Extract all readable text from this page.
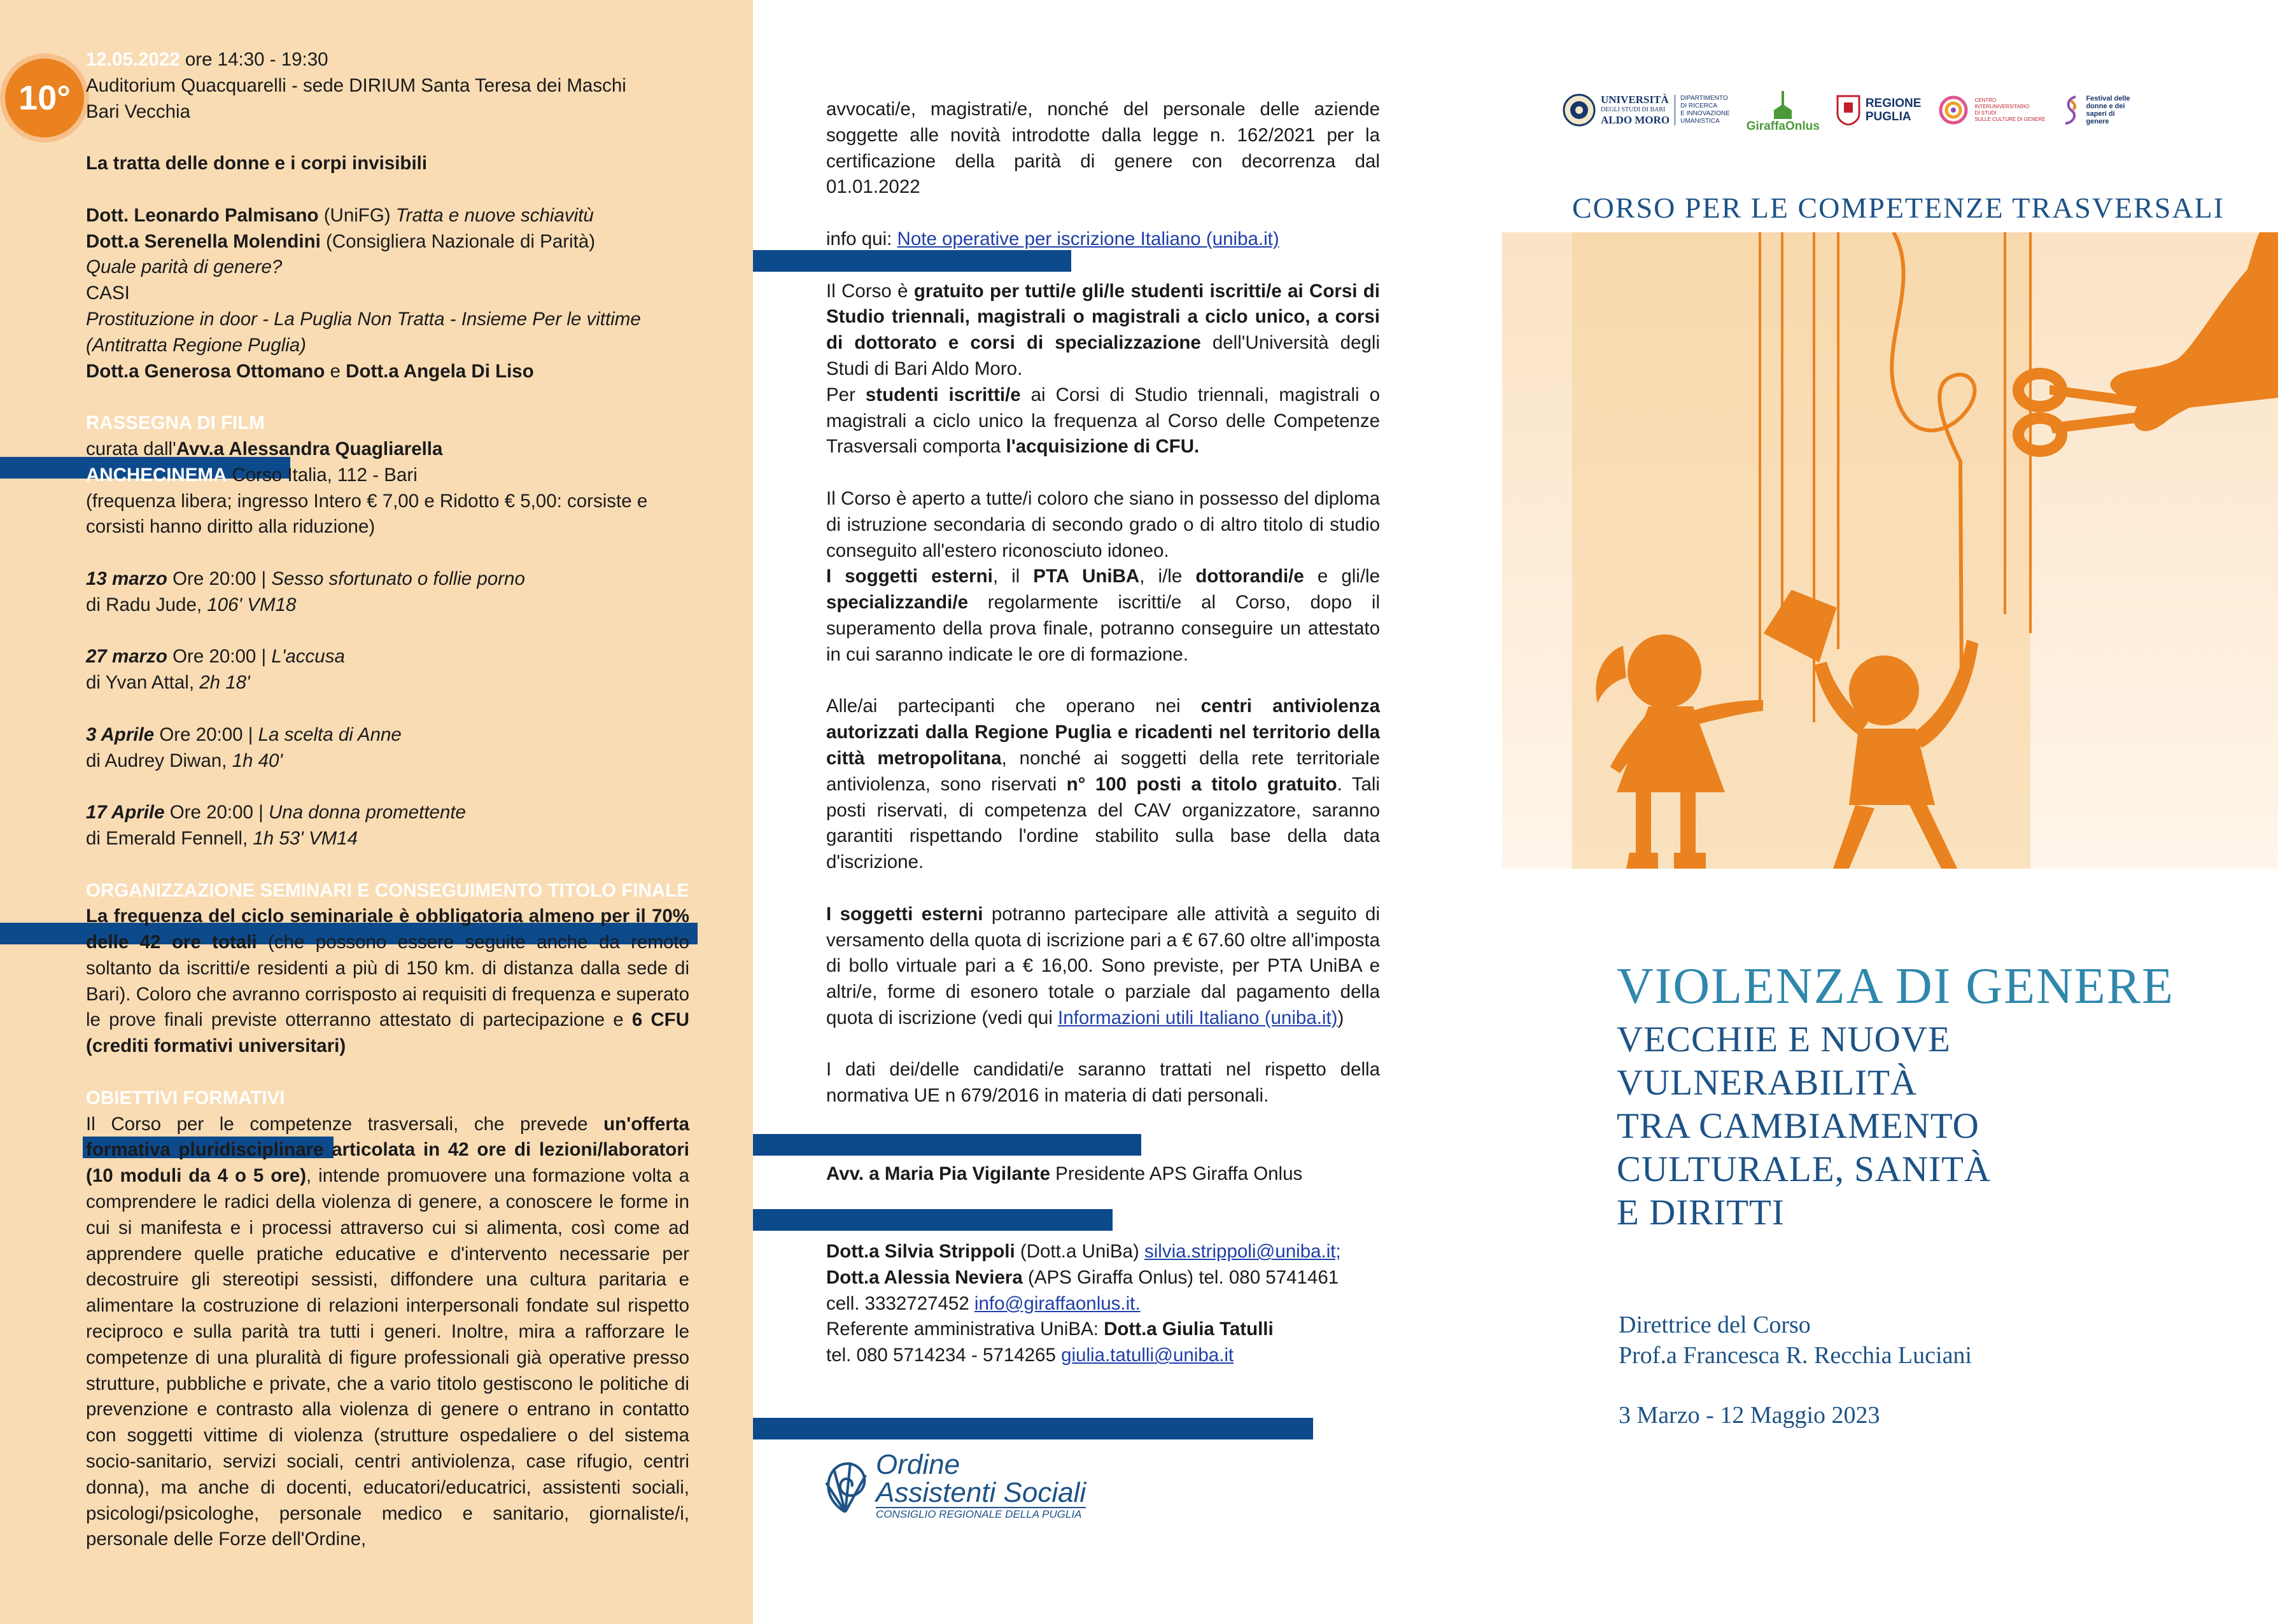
10°

12.05.2022 ore 14:30 - 19:30

Auditorium Quacquarelli - sede DIRIUM Santa Teresa dei Maschi

Bari Vecchia

La tratta delle donne e i corpi invisibili

Dott. Leonardo Palmisano (UniFG) Tratta e nuove schiavitù

Dott.a Serenella Molendini (Consigliera Nazionale di Parità)

Quale parità di genere?

CASI

Prostituzione in door - La Puglia Non Tratta - Insieme Per le vittime

(Antitratta Regione Puglia)

Dott.a Generosa Ottomano e Dott.a Angela Di Liso

RASSEGNA DI FILM

curata dall'Avv.a Alessandra Quagliarella

ANCHECINEMA Corso Italia, 112 - Bari

(frequenza libera; ingresso Intero € 7,00 e Ridotto € 5,00: corsiste e corsisti hanno diritto alla riduzione)

13 marzo Ore 20:00 | Sesso sfortunato o follie porno

di Radu Jude, 106' VM18

27 marzo Ore 20:00 | L'accusa

di Yvan Attal, 2h 18'

3 Aprile Ore 20:00 | La scelta di Anne

di Audrey Diwan, 1h 40'

17 Aprile Ore 20:00 | Una donna promettente

di Emerald Fennell, 1h 53' VM14

ORGANIZZAZIONE SEMINARI E CONSEGUIMENTO TITOLO FINALE

La frequenza del ciclo seminariale è obbligatoria almeno per il 70% delle 42 ore totali (che possono essere seguite anche da remoto soltanto da iscritti/e residenti a più di 150 km. di distanza dalla sede di Bari). Coloro che avranno corrisposto ai requisiti di frequenza e superato le prove finali previste otterranno attestato di partecipazione e 6 CFU (crediti formativi universitari)

OBIETTIVI FORMATIVI

Il Corso per le competenze trasversali, che prevede un'offerta formativa pluridisciplinare articolata in 42 ore di lezioni/laboratori (10 moduli da 4 o 5 ore), intende promuovere una formazione volta a comprendere le radici della violenza di genere, a conoscere le forme in cui si manifesta e i processi attraverso cui si alimenta, così come ad apprendere quelle pratiche educative e d'intervento necessarie per decostruire gli stereotipi sessisti, diffondere una cultura paritaria e alimentare la costruzione di relazioni interpersonali fondate sul rispetto reciproco e sulla parità tra tutti i generi. Inoltre, mira a rafforzare le competenze di una pluralità di figure professionali già operative presso strutture, pubbliche e private, che a vario titolo gestiscono le politiche di prevenzione e contrasto alla violenza di genere o entrano in contatto con soggetti vittime di violenza (strutture ospedaliere o del sistema socio-sanitario, servizi sociali, centri antiviolenza, case rifugio, centri donna), ma anche di docenti, educatori/educatrici, assistenti sociali, psicologi/psicologhe, personale medico e sanitario, giornaliste/i, personale delle Forze dell'Ordine,

avvocati/e, magistrati/e, nonché del personale delle aziende soggette alle novità introdotte dalla legge n. 162/2021 per la certificazione della parità di genere con decorrenza dal 01.01.2022

info qui: Note operative per iscrizione Italiano (uniba.it)

Il Corso è gratuito per tutti/e gli/le studenti iscritti/e ai Corsi di Studio triennali, magistrali o magistrali a ciclo unico, a corsi di dottorato e corsi di specializzazione dell'Università degli Studi di Bari Aldo Moro.

Per studenti iscritti/e ai Corsi di Studio triennali, magistrali o magistrali a ciclo unico la frequenza al Corso delle Competenze Trasversali comporta l'acquisizione di CFU.

Il Corso è aperto a tutte/i coloro che siano in possesso del diploma di istruzione secondaria di secondo grado o di altro titolo di studio conseguito all'estero riconosciuto idoneo.

I soggetti esterni, il PTA UniBA, i/le dottorandi/e e gli/le specializzandi/e regolarmente iscritti/e al Corso, dopo il superamento della prova finale, potranno conseguire un attestato in cui saranno indicate le ore di formazione.

Alle/ai partecipanti che operano nei centri antiviolenza autorizzati dalla Regione Puglia e ricadenti nel territorio della città metropolitana, nonché ai soggetti della rete territoriale antiviolenza, sono riservati n° 100 posti a titolo gratuito. Tali posti riservati, di competenza del CAV organizzatore, saranno garantiti rispettando l'ordine stabilito sulla base della data d'iscrizione.

I soggetti esterni potranno partecipare alle attività a seguito di versamento della quota di iscrizione pari a € 67.60 oltre all'imposta di bollo virtuale pari a € 16,00. Sono previste, per PTA UniBA e altri/e, forme di esonero totale o parziale dal pagamento della quota di iscrizione (vedi qui Informazioni utili Italiano (uniba.it))

I dati dei/delle candidati/e saranno trattati nel rispetto della normativa UE n 679/2016 in materia di dati personali.

Avv. a Maria Pia Vigilante Presidente APS Giraffa Onlus

Dott.a Silvia Strippoli (Dott.a UniBa) silvia.strippoli@uniba.it;

Dott.a Alessia Neviera (APS Giraffa Onlus) tel. 080 5741461

cell. 3332727452 info@giraffaonlus.it.

Referente amministrativa UniBA: Dott.a Giulia Tatulli

tel. 080 5714234 - 5714265 giulia.tatulli@uniba.it

Ordine
Assistenti Sociali
CONSIGLIO REGIONALE DELLA PUGLIA
UNIVERSITÀ
DEGLI STUDI DI BARI
ALDO MORO
DIPARTIMENTO
DI RICERCA
E INNOVAZIONE
UMANISTICA	GiraffaOnlus
REGIONE
PUGLIA
CENTRO
INTERUNIVERSITARIO
DI STUDI
SULLE CULTURE DI GENERE
Festival delle
donne e dei
saperi di
genere
CORSO PER LE COMPETENZE TRASVERSALI
VIOLENZA DI GENERE
VECCHIE E NUOVE
VULNERABILITÀ
TRA CAMBIAMENTO
CULTURALE, SANITÀ
E DIRITTI
Direttrice del Corso
Prof.a Francesca R. Recchia Luciani
3 Marzo - 12 Maggio 2023
